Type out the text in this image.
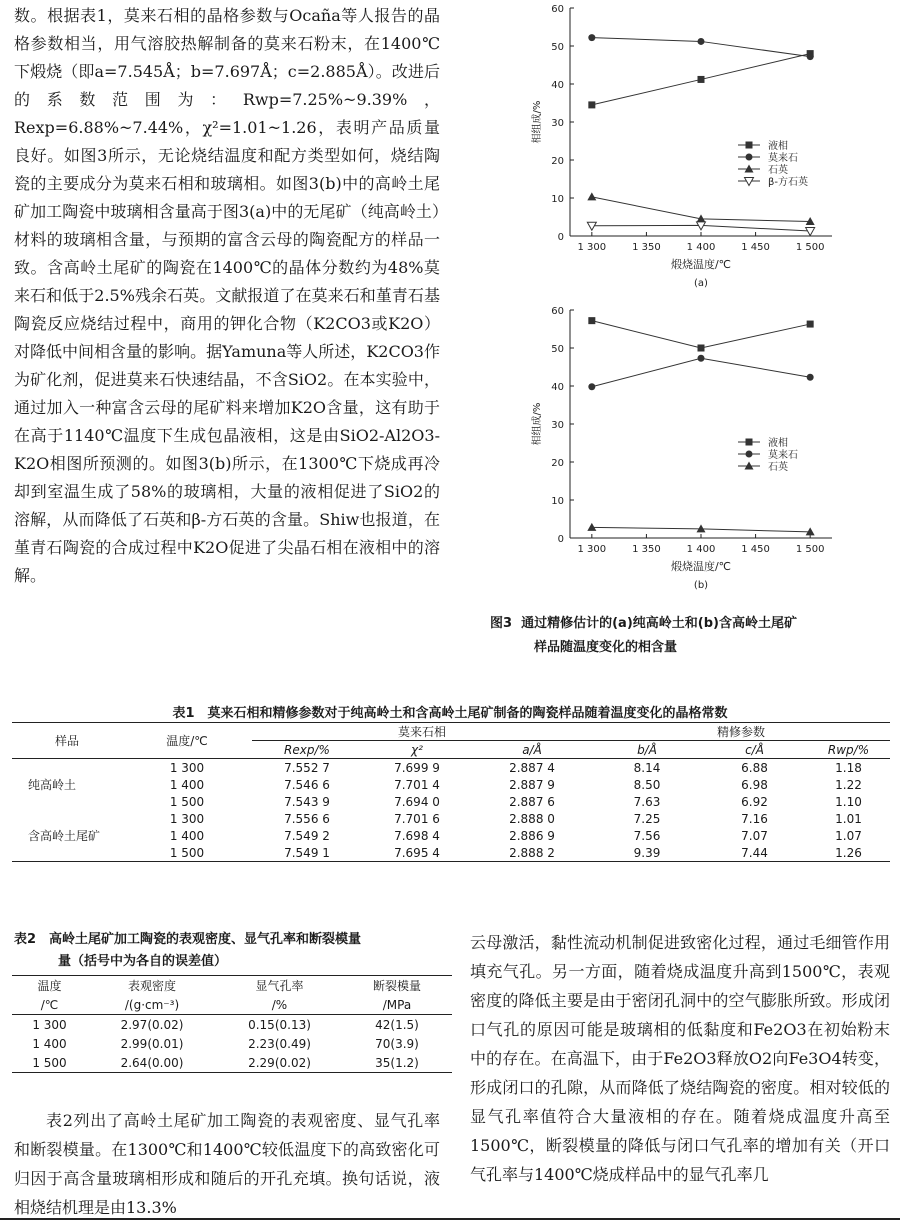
数。根据表1，莫来石相的晶格参数与Ocaña等人报告的晶格参数相当，用气溶胶热解制备的莫来石粉末，在1400℃下煅烧（即a=7.545Å；b=7.697Å；c=2.885Å）。改进后的系数范围为：Rwp=7.25%~9.39%，Rexp=6.88%~7.44%，χ²=1.01~1.26，表明产品质量良好。如图3所示，无论烧结温度和配方类型如何，烧结陶瓷的主要成分为莫来石相和玻璃相。如图3(b)中的高岭土尾矿加工陶瓷中玻璃相含量高于图3(a)中的无尾矿（纯高岭土）材料的玻璃相含量，与预期的富含云母的陶瓷配方的样品一致。含高岭土尾矿的陶瓷在1400℃的晶体分数约为48%莫来石和低于2.5%残余石英。文献报道了在莫来石和堇青石基陶瓷反应烧结过程中，商用的钾化合物（K2CO3或K2O）对降低中间相含量的影响。据Yamuna等人所述，K2CO3作为矿化剂，促进莫来石快速结晶，不含SiO2。在本实验中，通过加入一种富含云母的尾矿料来增加K2O含量，这有助于在高于1140℃温度下生成包晶液相，这是由SiO2-Al2O3-K2O相图所预测的。如图3(b)所示，在1300℃下烧成再冷却到室温生成了58%的玻璃相，大量的液相促进了SiO2的溶解，从而降低了石英和β-方石英的含量。Shiw也报道，在堇青石陶瓷的合成过程中K2O促进了尖晶石相在液相中的溶解。

0
10
20
30
40
50
60
1 300	1 350	1 400	1 450	1 500
煅烧温度/℃
相组成/%
(a)
液相
莫来石
石英
β-方石英
0
10
20
30
40
50
60
1 300	1 350	1 400	1 450	1 500
煅烧温度/℃
相组成/%
(b)
液相
莫来石
石英
图3 通过精修估计的(a)纯高岭土和(b)含高岭土尾矿
样品随温度变化的相含量
表1　莫来石相和精修参数对于纯高岭土和含高岭土尾矿制备的陶瓷样品随着温度变化的晶格常数
样品	温度/℃	莫来石相			精修参数		
		Rexp/%	χ²	a/Å	b/Å	c/Å	Rwp/%
	1 300	7.552 7	7.699 9	2.887 4	8.14	6.88	1.18
纯高岭土	1 400	7.546 6	7.701 4	2.887 9	8.50	6.98	1.22
	1 500	7.543 9	7.694 0	2.887 6	7.63	6.92	1.10
	1 300	7.556 6	7.701 6	2.888 0	7.25	7.16	1.01
含高岭土尾矿	1 400	7.549 2	7.698 4	2.886 9	7.56	7.07	1.07
	1 500	7.549 1	7.695 4	2.888 2	9.39	7.44	1.26
表2　高岭土尾矿加工陶瓷的表观密度、显气孔率和断裂模量
量（括号中为各自的误差值）
温度	表观密度	显气孔率	断裂模量
/℃	/(g·cm⁻³)	/%	/MPa
1 300	2.97(0.02)	0.15(0.13)	42(1.5)
1 400	2.99(0.01)	2.23(0.49)	70(3.9)
1 500	2.64(0.00)	2.29(0.02)	35(1.2)

表2列出了高岭土尾矿加工陶瓷的表观密度、显气孔率和断裂模量。在1300℃和1400℃较低温度下的高致密化可归因于高含量玻璃相形成和随后的开孔充填。换句话说，液相烧结机理是由13.3%

云母激活，黏性流动机制促进致密化过程，通过毛细管作用填充气孔。另一方面，随着烧成温度升高到1500℃，表观密度的降低主要是由于密闭孔洞中的空气膨胀所致。形成闭口气孔的原因可能是玻璃相的低黏度和Fe2O3在初始粉末中的存在。在高温下，由于Fe2O3释放O2向Fe3O4转变，形成闭口的孔隙，从而降低了烧结陶瓷的密度。相对较低的显气孔率值符合大量液相的存在。随着烧成温度升高至1500℃，断裂模量的降低与闭口气孔率的增加有关（开口气孔率与1400℃烧成样品中的显气孔率几
